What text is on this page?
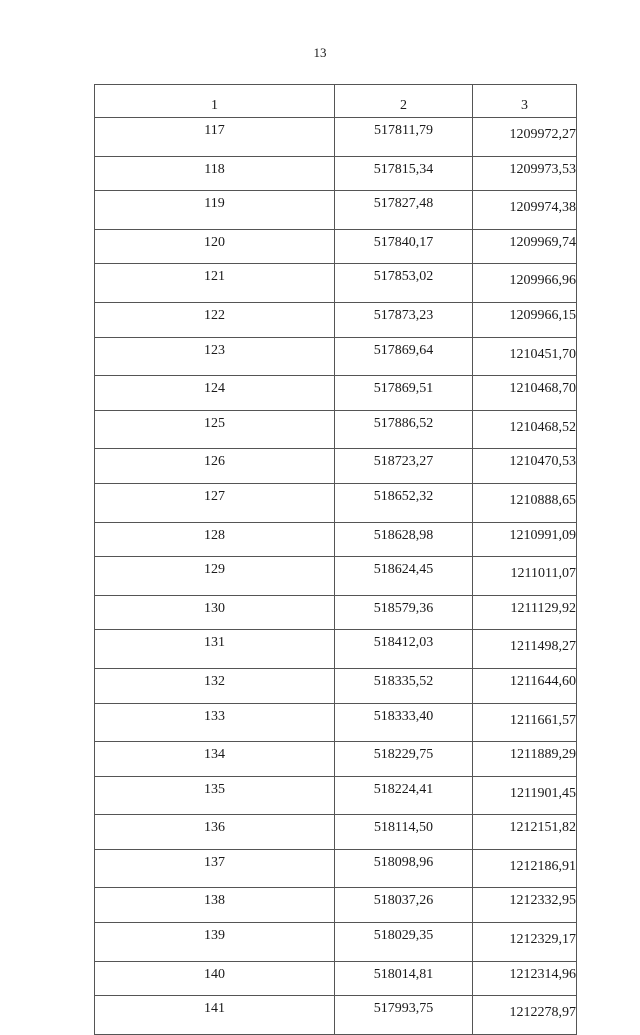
13
1	2	3
117	517811,79	1209972,27
118	517815,34	1209973,53
119	517827,48	1209974,38
120	517840,17	1209969,74
121	517853,02	1209966,96
122	517873,23	1209966,15
123	517869,64	1210451,70
124	517869,51	1210468,70
125	517886,52	1210468,52
126	518723,27	1210470,53
127	518652,32	1210888,65
128	518628,98	1210991,09
129	518624,45	1211011,07
130	518579,36	1211129,92
131	518412,03	1211498,27
132	518335,52	1211644,60
133	518333,40	1211661,57
134	518229,75	1211889,29
135	518224,41	1211901,45
136	518114,50	1212151,82
137	518098,96	1212186,91
138	518037,26	1212332,95
139	518029,35	1212329,17
140	518014,81	1212314,96
141	517993,75	1212278,97
